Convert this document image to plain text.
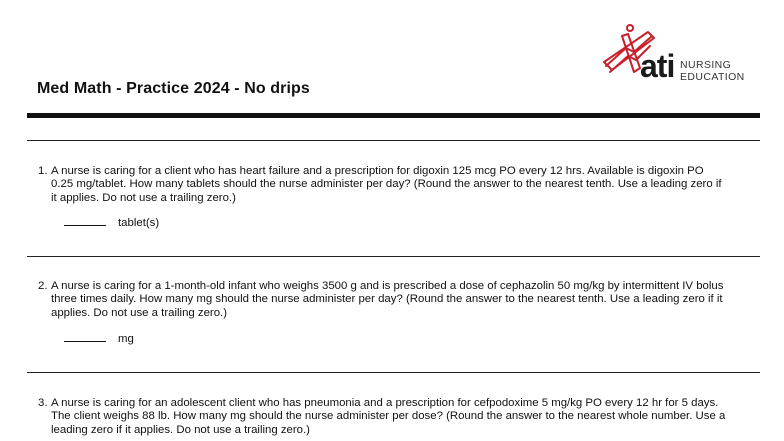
Med Math - Practice 2024 - No drips
ati NURSING
EDUCATION
1. A nurse is caring for a client who has heart failure and a prescription for digoxin 125 mcg PO every 12 hrs. Available is digoxin PO 0.25 mg/tablet. How many tablets should the nurse administer per day? (Round the answer to the nearest tenth. Use a leading zero if it applies. Do not use a trailing zero.)
tablet(s)
2. A nurse is caring for a 1-month-old infant who weighs 3500 g and is prescribed a dose of cephazolin 50 mg/kg by intermittent IV bolus three times daily. How many mg should the nurse administer per day? (Round the answer to the nearest tenth. Use a leading zero if it applies. Do not use a trailing zero.)
mg
3. A nurse is caring for an adolescent client who has pneumonia and a prescription for cefpodoxime 5 mg/kg PO every 12 hr for 5 days. The client weighs 88 lb. How many mg should the nurse administer per dose? (Round the answer to the nearest whole number. Use a leading zero if it applies. Do not use a trailing zero.)
